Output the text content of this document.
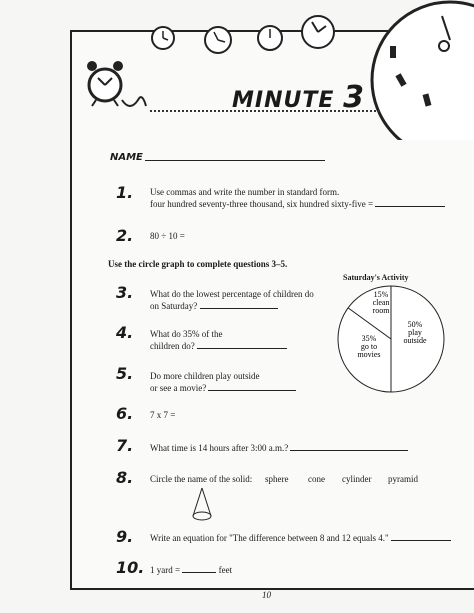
MINUTE 3
NAME
1. Use commas and write the number in standard form.
four hundred seventy-three thousand, six hundred sixty-five =
2. 80 ÷ 10 =
Use the circle graph to complete questions 3–5.
Saturday's Activity
50% play outside
35% go to movies
15% clean room
3. What do the lowest percentage of children do
on Saturday?
4. What do 35% of the
children do?
5. Do more children play outside
or see a movie?
6. 7 x 7 =
7. What time is 14 hours after 3:00 a.m.?
8. Circle the name of the solid: sphere cone cylinder pyramid
9. Write an equation for "The difference between 8 and 12 equals 4."
10. 1 yard =	feet
10
